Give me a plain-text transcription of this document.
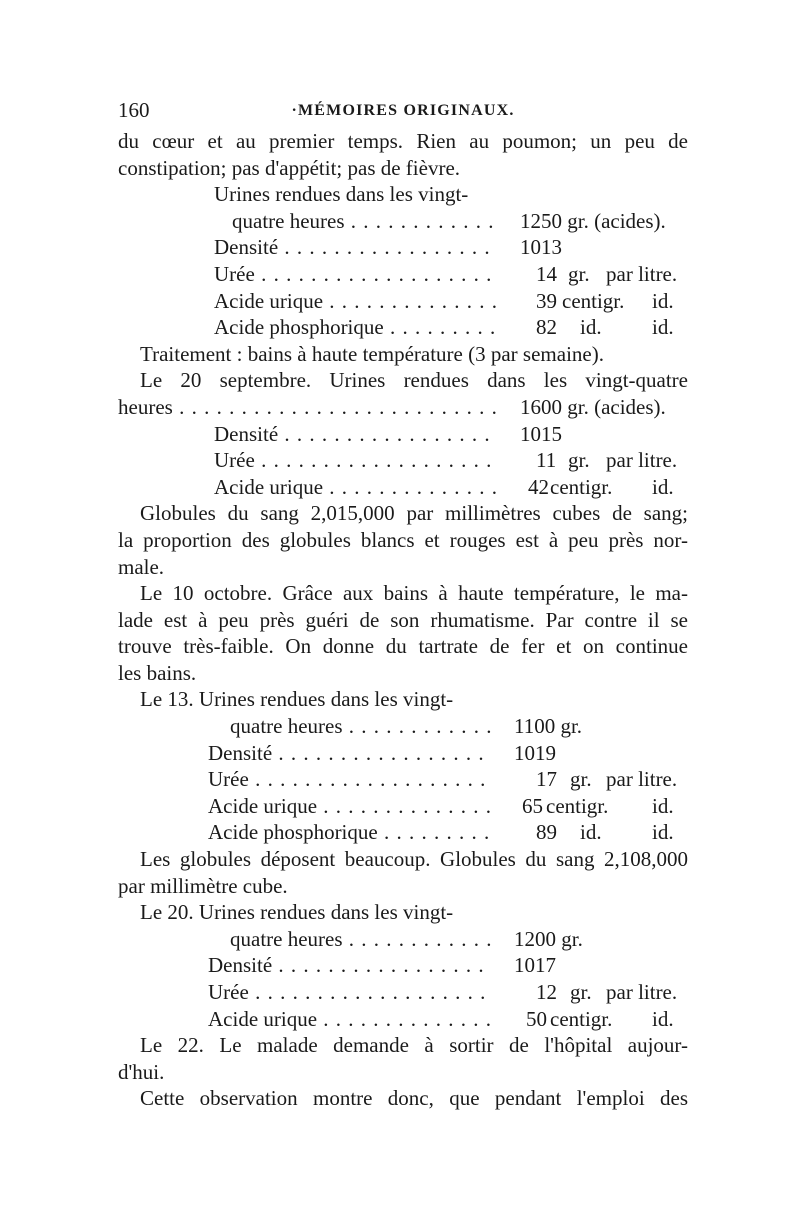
160	·MÉMOIRES ORIGINAUX.
du cœur et au premier temps. Rien au poumon; un peu de
constipation; pas d'appétit; pas de fièvre.
Urines rendues dans les vingt-
quatre heures . . .	1250 gr. (acides).
Densité . . .	1013
Urée . . .	14 gr. par litre.
Acide urique . . .	39 centigr. id.
Acide phosphorique . . .	82 id. id.
Traitement : bains à haute température (3 par semaine).
Le 20 septembre. Urines rendues dans les vingt-quatre
heures . . .	1600 gr. (acides).
Densité . . .	1015
Urée . . .	11 gr. par litre.
Acide urique . . .	42 centigr. id.
Globules du sang 2,015,000 par millimètres cubes de sang;
la proportion des globules blancs et rouges est à peu près nor-
male.
Le 10 octobre. Grâce aux bains à haute température, le ma-
lade est à peu près guéri de son rhumatisme. Par contre il se
trouve très-faible. On donne du tartrate de fer et on continue
les bains.
Le 13. Urines rendues dans les vingt-
quatre heures . . .	1100 gr.
Densité . . .	1019
Urée . . .	17 gr. par litre.
Acide urique . . .	65 centigr. id.
Acide phosphorique . . .	89 id. id.
Les globules déposent beaucoup. Globules du sang 2,108,000
par millimètre cube.
Le 20. Urines rendues dans les vingt-
quatre heures . . .	1200 gr.
Densité . . .	1017
Urée . . .	12 gr. par litre.
Acide urique . . .	50 centigr. id.
Le 22. Le malade demande à sortir de l'hôpital aujour-
d'hui.
Cette observation montre donc, que pendant l'emploi des
